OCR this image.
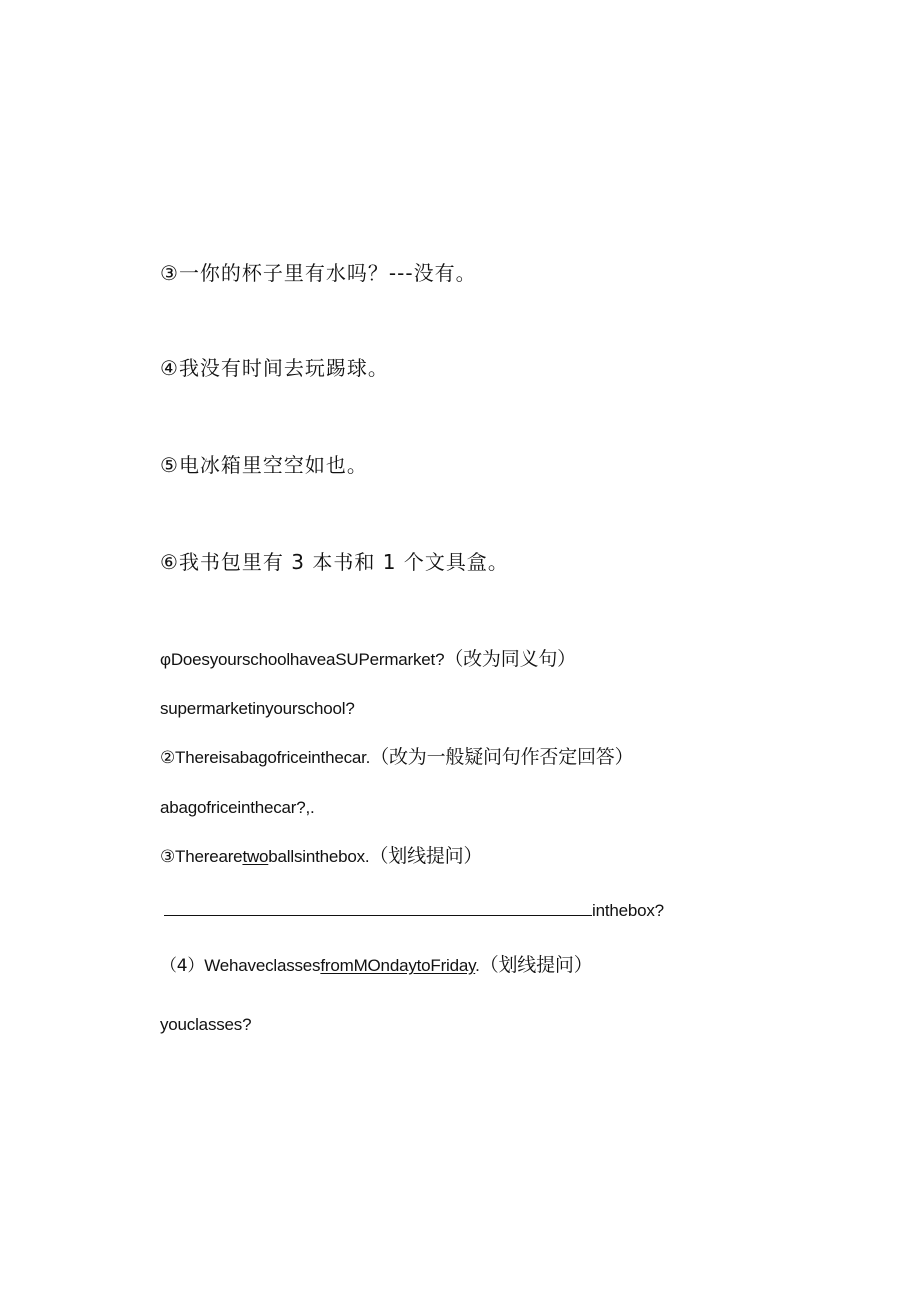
③一你的杯子里有水吗？---没有。
④我没有时间去玩踢球。
⑤电冰箱里空空如也。
⑥我书包里有 3 本书和 1 个文具盒。
φDoesyourschoolhaveaSUPermarket?（改为同义句）
supermarketinyourschool?
②Thereisabagofriceinthecar.（改为一般疑问句作否定回答）
abagofriceinthecar?,.
③Therearetwoballsinthebox.（划线提问）
inthebox?
（4）WehaveclassesfromMOndaytoFriday.（划线提问）
youclasses?
